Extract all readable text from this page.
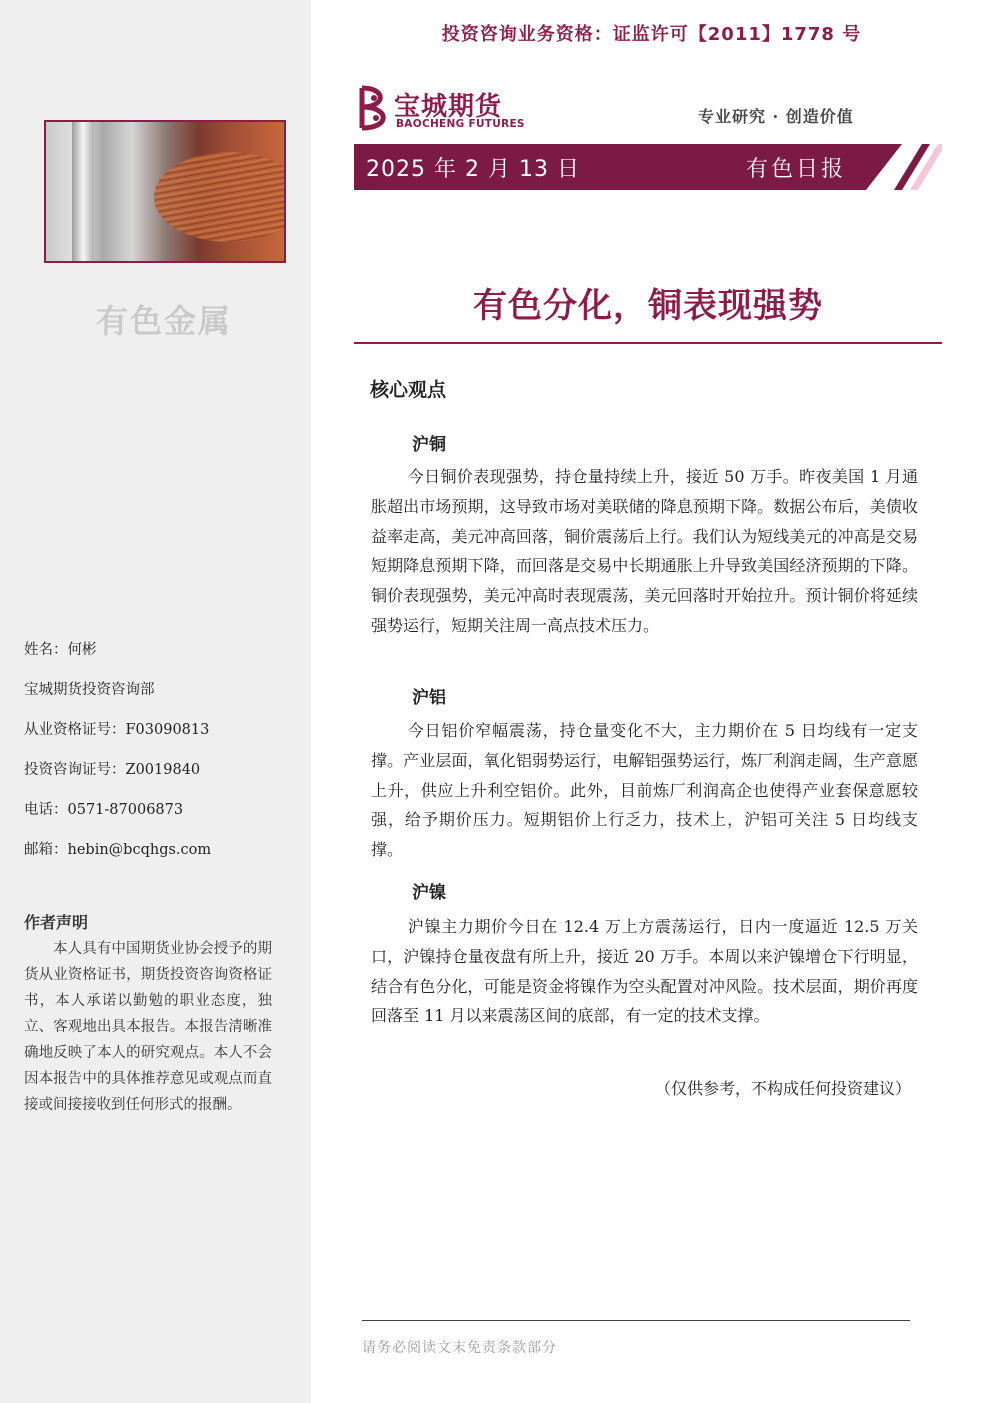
有色金属
姓名：何彬
宝城期货投资咨询部
从业资格证号：F03090813
投资咨询证号：Z0019840
电话：0571-87006873
邮箱：hebin@bcqhgs.com
作者声明
本人具有中国期货业协会授予的期货从业资格证书，期货投资咨询资格证书，本人承诺以勤勉的职业态度，独立、客观地出具本报告。本报告清晰准确地反映了本人的研究观点。本人不会因本报告中的具体推荐意见或观点而直接或间接接收到任何形式的报酬。
投资咨询业务资格：证监许可【2011】1778 号
宝城期货
BAOCHENG FUTURES	专业研究 · 创造价值
2025 年 2 月 13 日	有色日报
有色分化，铜表现强势
核心观点
沪铜
今日铜价表现强势，持仓量持续上升，接近 50 万手。昨夜美国 1 月通胀超出市场预期，这导致市场对美联储的降息预期下降。数据公布后，美债收益率走高，美元冲高回落，铜价震荡后上行。我们认为短线美元的冲高是交易短期降息预期下降，而回落是交易中长期通胀上升导致美国经济预期的下降。铜价表现强势，美元冲高时表现震荡，美元回落时开始拉升。预计铜价将延续强势运行，短期关注周一高点技术压力。
沪铝
今日铝价窄幅震荡，持仓量变化不大，主力期价在 5 日均线有一定支撑。产业层面，氧化铝弱势运行，电解铝强势运行，炼厂利润走阔，生产意愿上升，供应上升利空铝价。此外，目前炼厂利润高企也使得产业套保意愿较强，给予期价压力。短期铝价上行乏力，技术上，沪铝可关注 5 日均线支撑。
沪镍
沪镍主力期价今日在 12.4 万上方震荡运行，日内一度逼近 12.5 万关口，沪镍持仓量夜盘有所上升，接近 20 万手。本周以来沪镍增仓下行明显，结合有色分化，可能是资金将镍作为空头配置对冲风险。技术层面，期价再度回落至 11 月以来震荡区间的底部，有一定的技术支撑。
（仅供参考，不构成任何投资建议）
请务必阅读文末免责条款部分
